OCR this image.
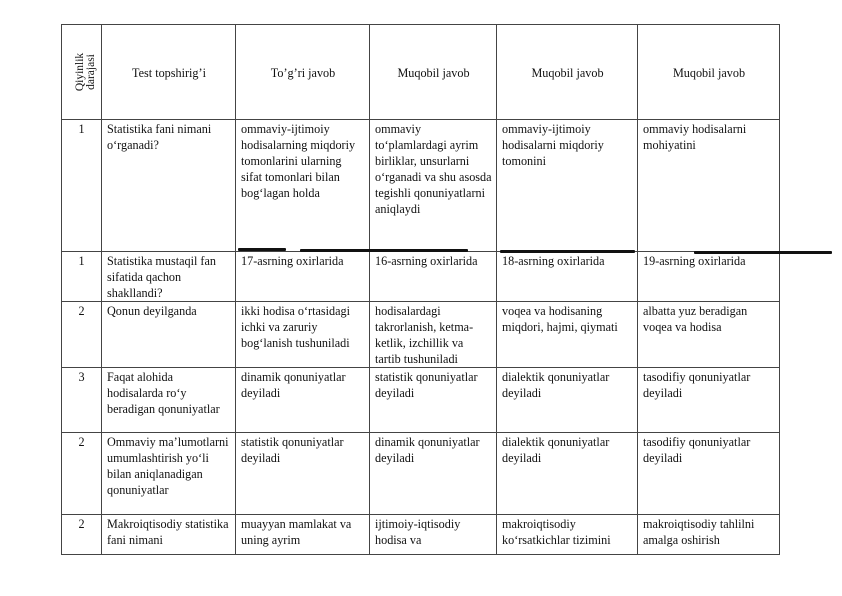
Qiyinlik
darajasi	Test topshirig’i	To’g’ri javob	Muqobil javob	Muqobil javob	Muqobil javob
1	Statistika fani nimani o‘rganadi?	ommaviy-ijtimoiy hodisalarning miqdoriy tomonlarini ularning sifat tomonlari bilan bog‘lagan holda	ommaviy to‘plamlardagi ayrim birliklar, unsurlarni o‘rganadi va shu asosda tegishli qonuniyatlarni aniqlaydi	ommaviy-ijtimoiy hodisalarni miqdoriy tomonini	ommaviy hodisalarni mohiyatini
1	Statistika mustaqil fan sifatida qachon shakllandi?	17-asrning oxirlarida	16-asrning oxirlarida	18-asrning oxirlarida	19-asrning oxirlarida
2	Qonun deyilganda	ikki hodisa o‘rtasidagi ichki va zaruriy bog‘lanish tushuniladi	hodisalardagi takrorlanish, ketma-ketlik, izchillik va tartib tushuniladi	voqea va hodisaning miqdori, hajmi, qiymati	albatta yuz beradigan voqea va hodisa
3	Faqat alohida hodisalarda ro‘y beradigan qonuniyatlar	dinamik qonuniyatlar deyiladi	statistik qonuniyatlar deyiladi	dialektik qonuniyatlar deyiladi	tasodifiy qonuniyatlar deyiladi
2	Ommaviy ma’lumotlarni umumlashtirish yo‘li bilan aniqlanadigan qonuniyatlar	statistik qonuniyatlar deyiladi	dinamik qonuniyatlar deyiladi	dialektik qonuniyatlar deyiladi	tasodifiy qonuniyatlar deyiladi
2	Makroiqtisodiy statistika fani nimani	muayyan mamlakat va uning ayrim	ijtimoiy-iqtisodiy hodisa va	makroiqtisodiy ko‘rsatkichlar tizimini	makroiqtisodiy tahlilni amalga oshirish
